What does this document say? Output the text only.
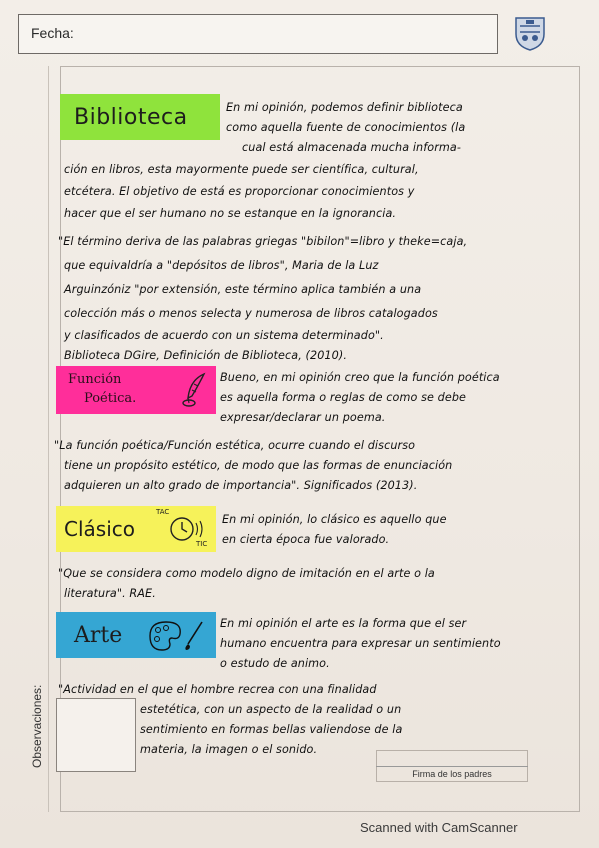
Fecha:
Biblioteca	En mi opinión, podemos definir biblioteca
como aquella fuente de conocimientos (la
cual está almacenada mucha informa-
ción en libros, esta mayormente puede ser científica, cultural,
etcétera. El objetivo de está es proporcionar conocimientos y
hacer que el ser humano no se estanque en la ignorancia.
"El término deriva de las palabras griegas "bibilon"=libro y theke=caja,
que equivaldría a "depósitos de libros", Maria de la Luz
Arguinzóniz "por extensión, este término aplica también a una
colección más o menos selecta y numerosa de libros catalogados
y clasificados de acuerdo con un sistema determinado".
Biblioteca DGire, Definición de Biblioteca, (2010).
Función
Poética.
Bueno, en mi opinión creo que la función poética
es aquella forma o reglas de como se debe
expresar/declarar un poema.
"La función poética/Función estética, ocurre cuando el discurso
tiene un propósito estético, de modo que las formas de enunciación
adquieren un alto grado de importancia". Significados (2013).
Clásico
TAC
TIC
En mi opinión, lo clásico es aquello que
en cierta época fue valorado.
"Que se considera como modelo digno de imitación en el arte o la
literatura". RAE.
Arte	En mi opinión el arte es la forma que el ser
humano encuentra para expresar un sentimiento
o estudo de animo.
"Actividad en el que el hombre recrea con una finalidad
estetética, con un aspecto de la realidad o un
sentimiento en formas bellas valiendose de la
materia, la imagen o el sonido.
Observaciones:
Firma de los padres
Scanned with CamScanner
